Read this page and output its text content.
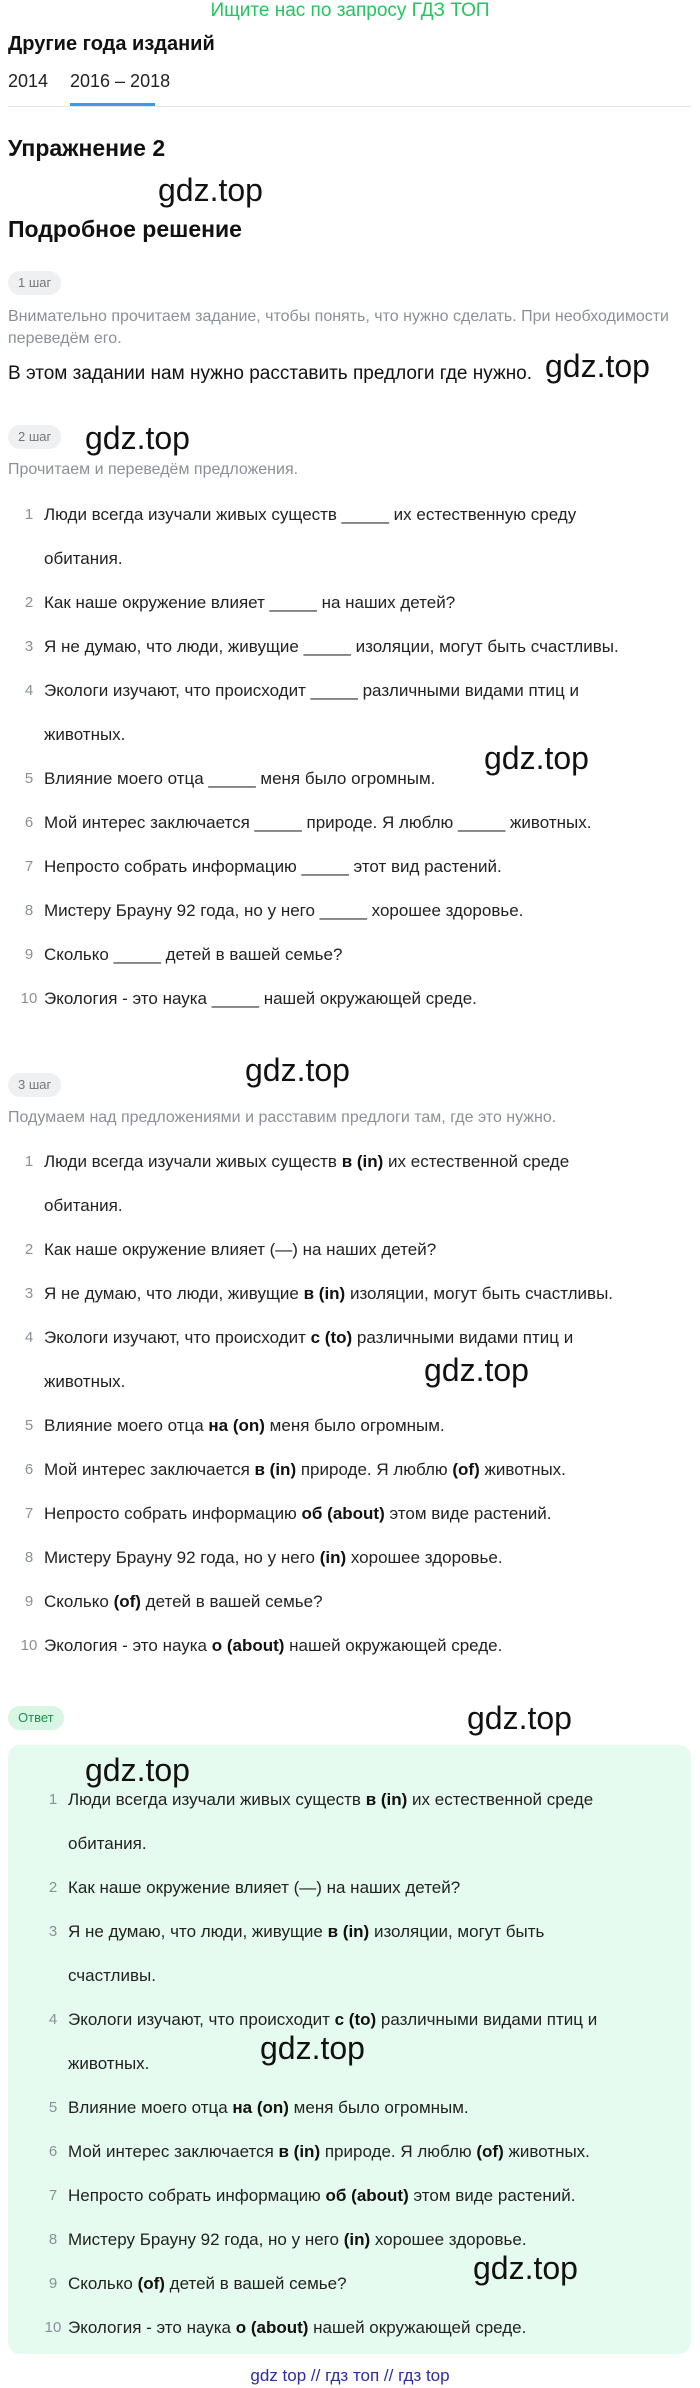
Ищите нас по запросу ГДЗ ТОП
Другие года изданий
2014 2016 – 2018
Упражнение 2
gdz.top
Подробное решение
1 шаг
Внимательно прочитаем задание, чтобы понять, что нужно сделать. При необходимости переведём его.
В этом задании нам нужно расставить предлоги где нужно. gdz.top
2 шаг	gdz.top
Прочитаем и переведём предложения.
1 Люди всегда изучали живых существ _____ их естественную среду
обитания.
2 Как наше окружение влияет _____ на наших детей?
3 Я не думаю, что люди, живущие _____ изоляции, могут быть счастливы.
4 Экологи изучают, что происходит _____ различными видами птиц и
животных.
5 Влияние моего отца _____ меня было огромным.
6 Мой интерес заключается _____ природе. Я люблю _____ животных.
7 Непросто собрать информацию _____ этот вид растений.
8 Мистеру Брауну 92 года, но у него _____ хорошее здоровье.
9 Сколько _____ детей в вашей семье?
10 Экология - это наука _____ нашей окружающей среде.
gdz.top
gdz.top
3 шаг
Подумаем над предложениями и расставим предлоги там, где это нужно.
1 Люди всегда изучали живых существ в (in) их естественной среде
обитания.
2 Как наше окружение влияет (—) на наших детей?
3 Я не думаю, что люди, живущие в (in) изоляции, могут быть счастливы.
4 Экологи изучают, что происходит с (to) различными видами птиц и
животных.
5 Влияние моего отца на (on) меня было огромным.
6 Мой интерес заключается в (in) природе. Я люблю (of) животных.
7 Непросто собрать информацию об (about) этом виде растений.
8 Мистеру Брауну 92 года, но у него (in) хорошее здоровье.
9 Сколько (of) детей в вашей семье?
10 Экология - это наука о (about) нашей окружающей среде.
gdz.top
gdz.top
Ответ
gdz.top
1 Люди всегда изучали живых существ в (in) их естественной среде
обитания.
2 Как наше окружение влияет (—) на наших детей?
3 Я не думаю, что люди, живущие в (in) изоляции, могут быть
счастливы.
4 Экологи изучают, что происходит с (to) различными видами птиц и
животных.
5 Влияние моего отца на (on) меня было огромным.
6 Мой интерес заключается в (in) природе. Я люблю (of) животных.
7 Непросто собрать информацию об (about) этом виде растений.
8 Мистеру Брауну 92 года, но у него (in) хорошее здоровье.
9 Сколько (of) детей в вашей семье?
10 Экология - это наука о (about) нашей окружающей среде.
gdz.top
gdz.top
gdz top // гдз топ // гдз top
